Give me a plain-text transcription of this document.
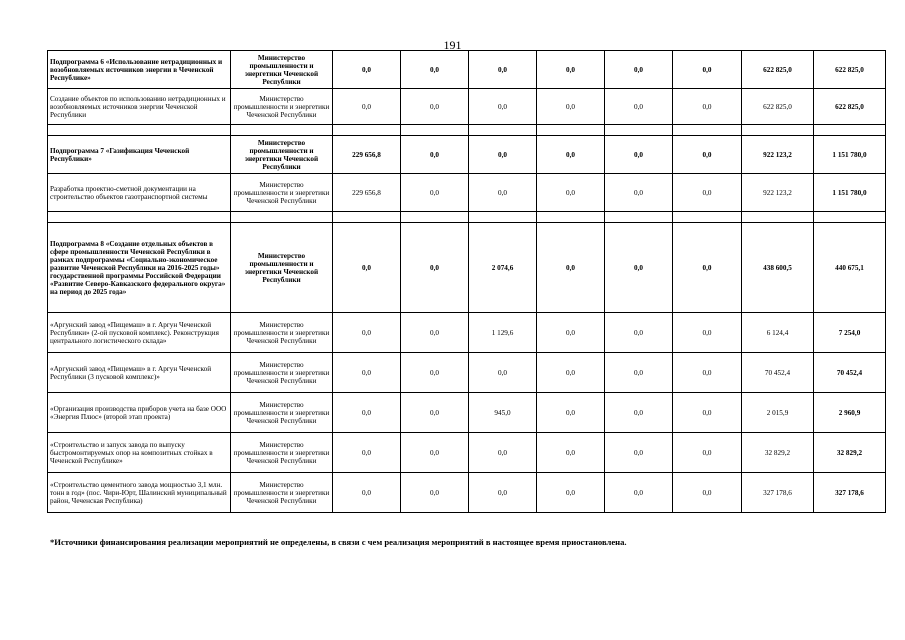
191
Подпрограмма 6 «Использование нетрадиционных и возобновляемых источников энергии в Чеченской Республике»	Министерство промышленности и энергетики Чеченской Республики	0,0	0,0	0,0	0,0	0,0	0,0	622 825,0	622 825,0
Создание объектов по использованию нетрадиционных и возобновляемых источников энергии Чеченской Республики	Министерство промышленности и энергетики Чеченской Республики	0,0	0,0	0,0	0,0	0,0	0,0	622 825,0	622 825,0

Подпрограмма 7 «Газификация Чеченской Республики»	Министерство промышленности и энергетики Чеченской Республики	229 656,8	0,0	0,0	0,0	0,0	0,0	922 123,2	1 151 780,0
Разработка проектно-сметной документации на строительство объектов газотранспортной системы	Министерство промышленности и энергетики Чеченской Республики	229 656,8	0,0	0,0	0,0	0,0	0,0	922 123,2	1 151 780,0

Подпрограмма 8 «Создание отдельных объектов в сфере промышленности Чеченской Республики в рамках подпрограммы «Социально-экономическое развитие Чеченской Республики на 2016-2025 годы» государственной программы Российской Федерации «Развитие Северо-Кавказского федерального округа» на период до 2025 года»	Министерство промышленности и энергетики Чеченской Республики	0,0	0,0	2 074,6	0,0	0,0	0,0	438 600,5	440 675,1
«Аргунский завод «Пищемаш» в г. Аргун Чеченской Республики» (2-ой пусковой комплекс). Реконструкция центрального логистического склада»	Министерство промышленности и энергетики Чеченской Республики	0,0	0,0	1 129,6	0,0	0,0	0,0	6 124,4	7 254,0
«Аргунский завод «Пищемаш» в г. Аргун Чеченской Республики (3 пусковой комплекс)»	Министерство промышленности и энергетики Чеченской Республики	0,0	0,0	0,0	0,0	0,0	0,0	70 452,4	70 452,4
«Организация производства приборов учета на базе ООО «Энергия Плюс» (второй этап проекта)	Министерство промышленности и энергетики Чеченской Республики	0,0	0,0	945,0	0,0	0,0	0,0	2 015,9	2 960,9
«Строительство и запуск завода по выпуску быстромонтируемых опор на композитных стойках в Чеченской Республике»	Министерство промышленности и энергетики Чеченской Республики	0,0	0,0	0,0	0,0	0,0	0,0	32 829,2	32 829,2
«Строительство цементного завода мощностью 3,1 млн. тонн в год» (пос. Чири-Юрт, Шалинский муниципальный район, Чеченская Республика)	Министерство промышленности и энергетики Чеченской Республики	0,0	0,0	0,0	0,0	0,0	0,0	327 178,6	327 178,6
*Источники финансирования реализации мероприятий не определены, в связи с чем реализация мероприятий в настоящее время приостановлена.
